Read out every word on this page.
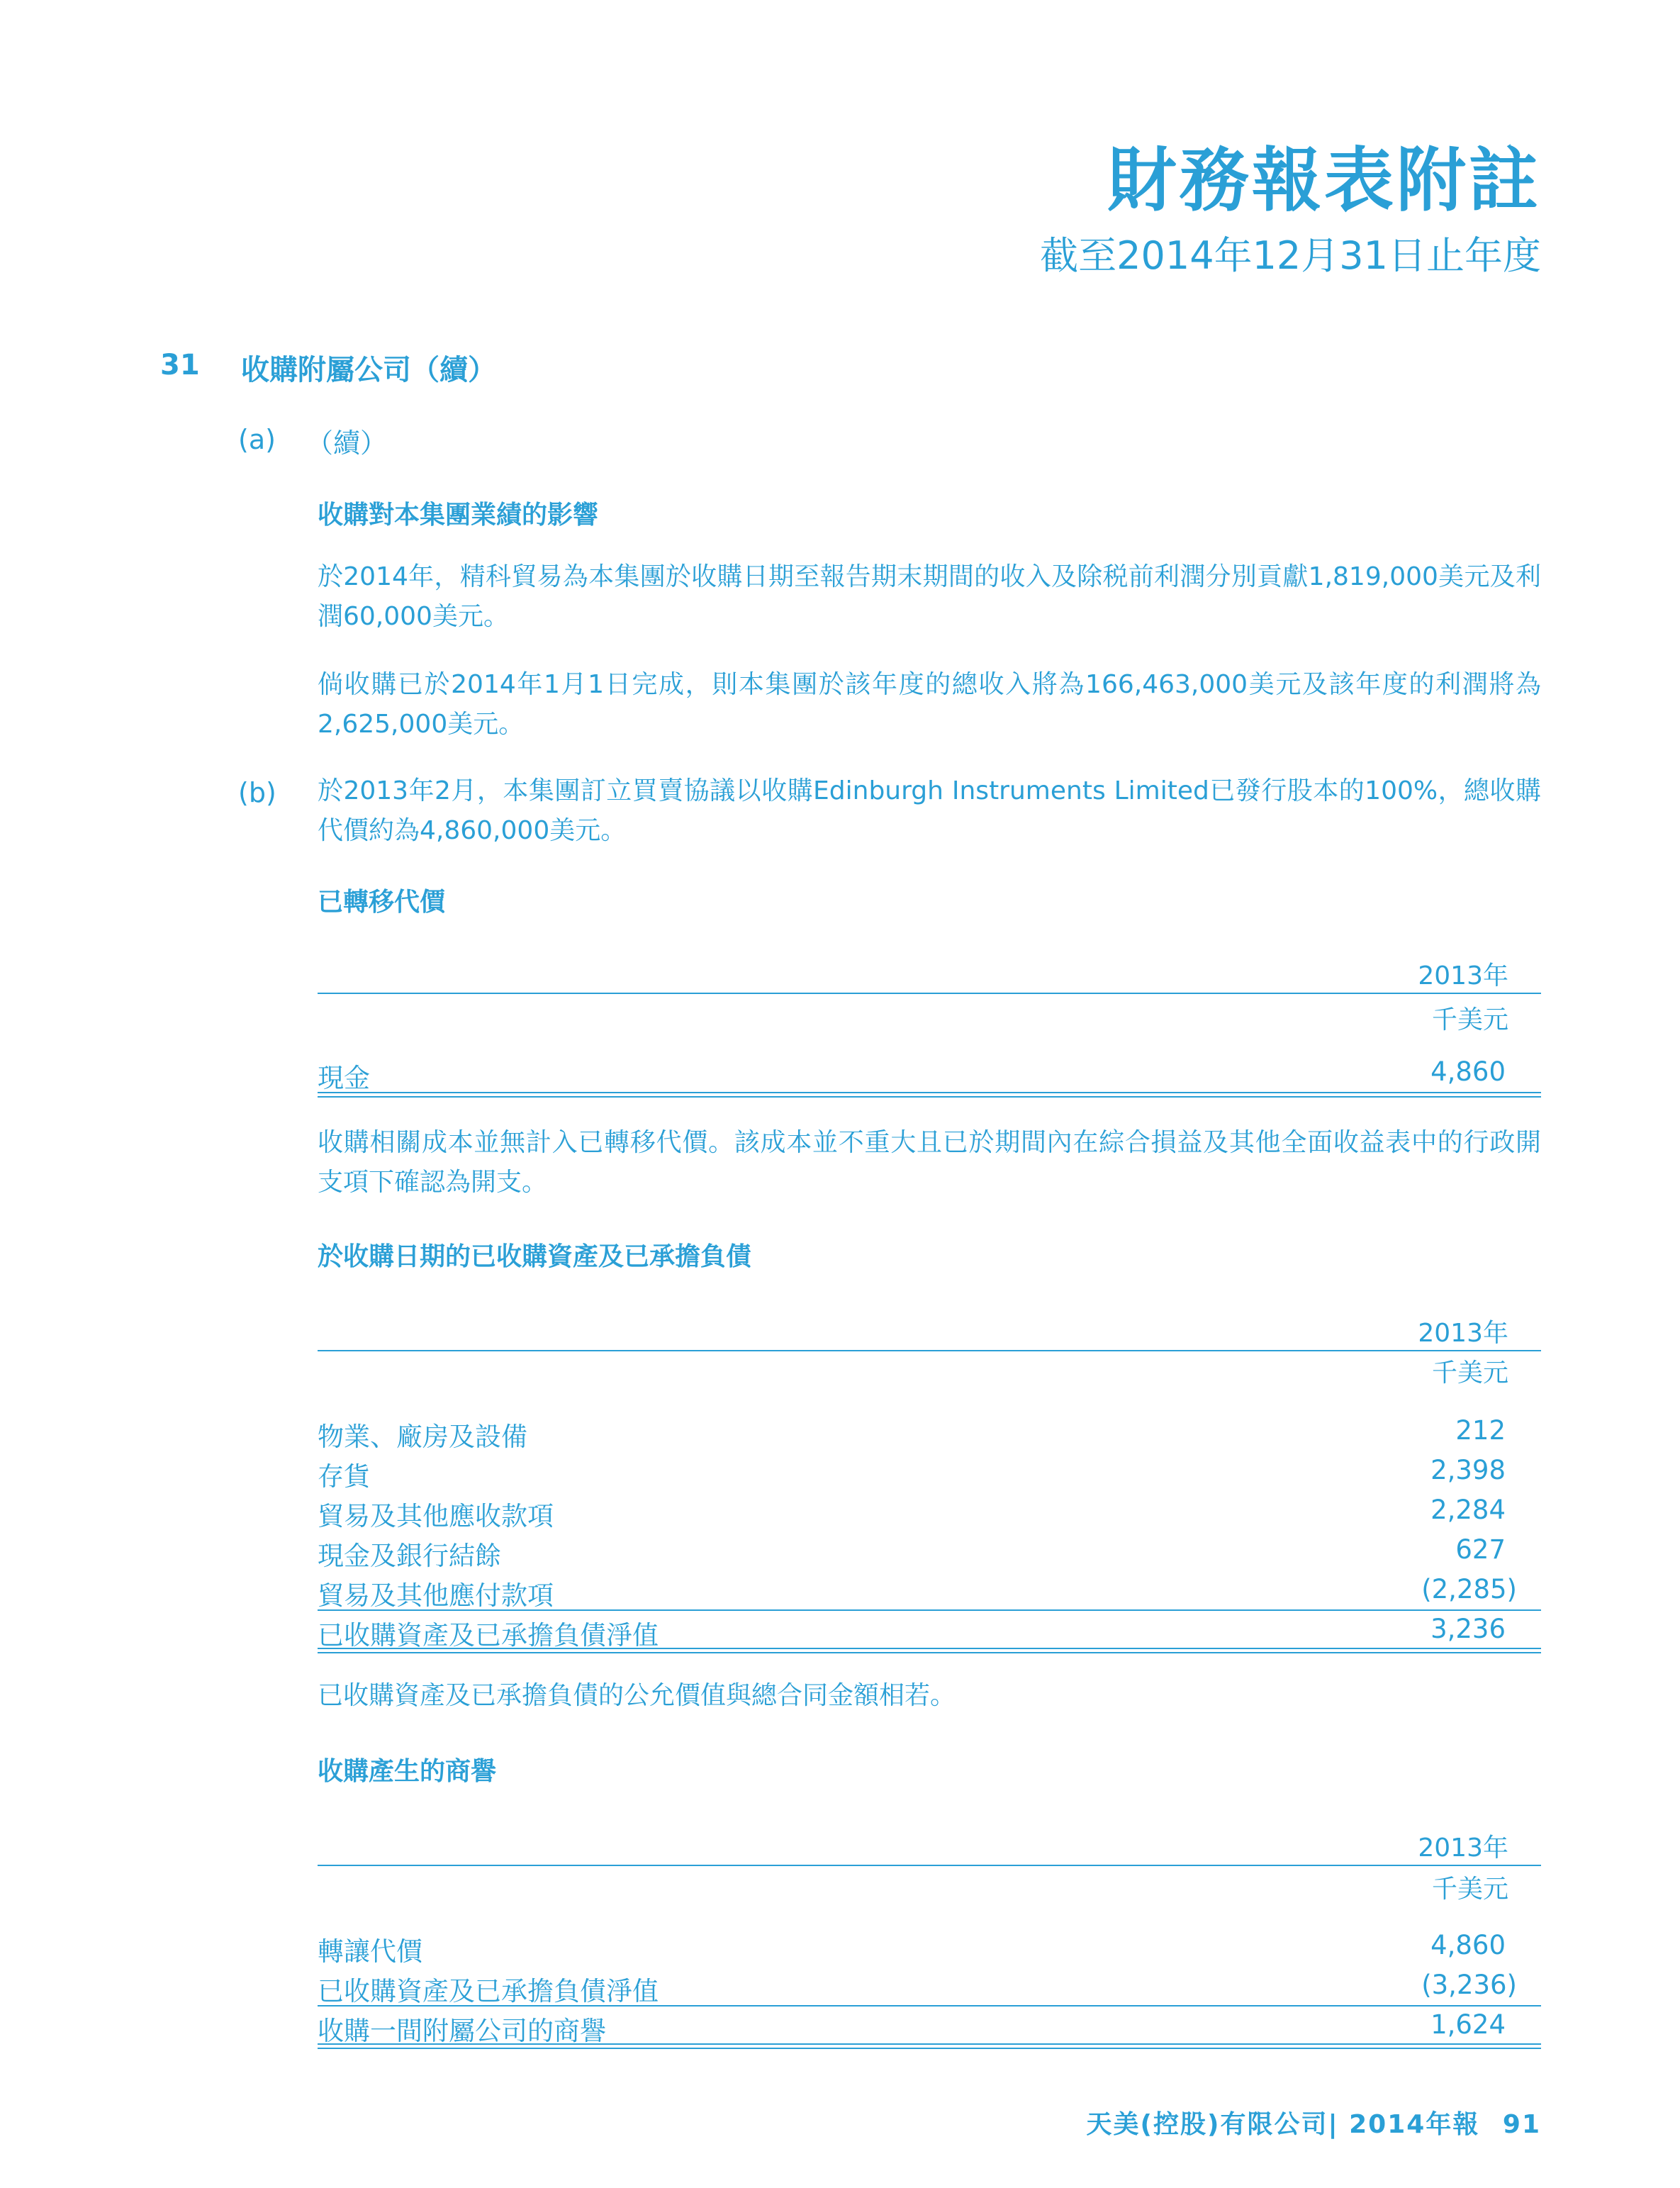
財務報表附註
截至2014年12月31日止年度
31 收購附屬公司（續）
(a) （續）
收購對本集團業績的影響
於2014年，精科貿易為本集團於收購日期至報告期末期間的收入及除税前利潤分別貢獻1,819,000美元及利潤60,000美元。
倘收購已於2014年1月1日完成，則本集團於該年度的總收入將為166,463,000美元及該年度的利潤將為2,625,000美元。
(b) 於2013年2月，本集團訂立買賣協議以收購Edinburgh Instruments Limited已發行股本的100%，總收購代價約為4,860,000美元。
已轉移代價
2013年
千美元
現金	4,860
收購相關成本並無計入已轉移代價。該成本並不重大且已於期間內在綜合損益及其他全面收益表中的行政開支項下確認為開支。
於收購日期的已收購資產及已承擔負債
2013年
千美元
物業、廠房及設備	212
存貨	2,398
貿易及其他應收款項	2,284
現金及銀行結餘	627
貿易及其他應付款項	(2,285)
已收購資產及已承擔負債淨值	3,236
已收購資產及已承擔負債的公允價值與總合同金額相若。
收購產生的商譽
2013年
千美元
轉讓代價	4,860
已收購資產及已承擔負債淨值	(3,236)
收購一間附屬公司的商譽	1,624
天美(控股)有限公司| 2014年報 91
